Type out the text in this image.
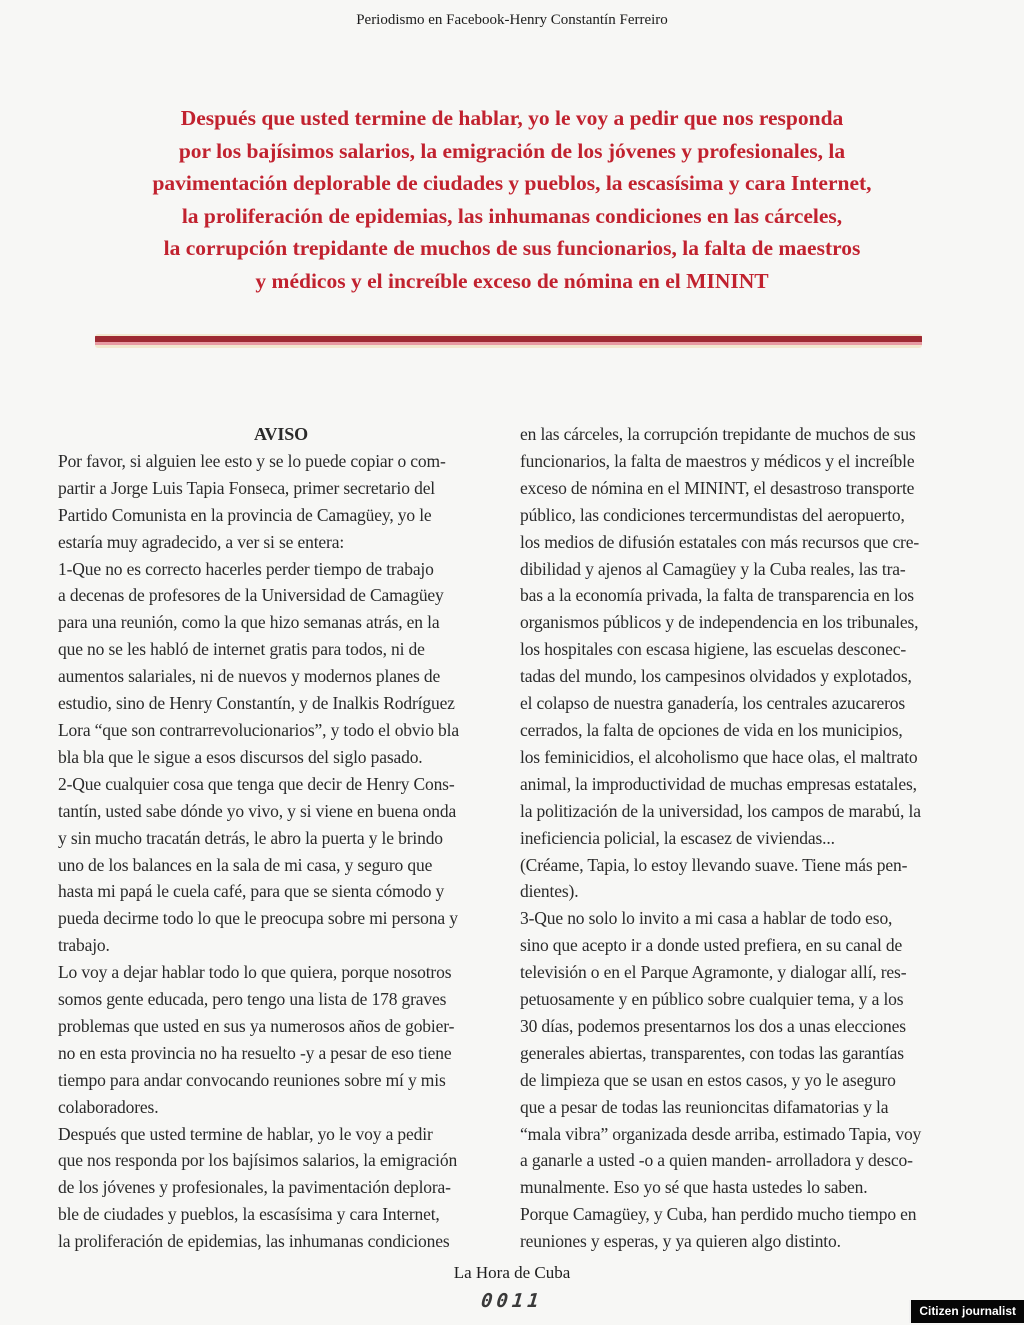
Periodismo en Facebook-Henry Constantín Ferreiro
Después que usted termine de hablar, yo le voy a pedir que nos responda
por los bajísimos salarios, la emigración de los jóvenes y profesionales, la
pavimentación deplorable de ciudades y pueblos, la escasísima y cara Internet,
la proliferación de epidemias, las inhumanas condiciones en las cárceles,
la corrupción trepidante de muchos de sus funcionarios, la falta de maestros
y médicos y el increíble exceso de nómina en el MININT
AVISO
Por favor, si alguien lee esto y se lo puede copiar o com-
partir a Jorge Luis Tapia Fonseca, primer secretario del
Partido Comunista en la provincia de Camagüey, yo le
estaría muy agradecido, a ver si se entera:
1-Que no es correcto hacerles perder tiempo de trabajo
a decenas de profesores de la Universidad de Camagüey
para una reunión, como la que hizo semanas atrás, en la
que no se les habló de internet gratis para todos, ni de
aumentos salariales, ni de nuevos y modernos planes de
estudio, sino de Henry Constantín, y de Inalkis Rodríguez
Lora “que son contrarrevolucionarios”, y todo el obvio bla
bla bla que le sigue a esos discursos del siglo pasado.
2-Que cualquier cosa que tenga que decir de Henry Cons-
tantín, usted sabe dónde yo vivo, y si viene en buena onda
y sin mucho tracatán detrás, le abro la puerta y le brindo
uno de los balances en la sala de mi casa, y seguro que
hasta mi papá le cuela café, para que se sienta cómodo y
pueda decirme todo lo que le preocupa sobre mi persona y
trabajo.
Lo voy a dejar hablar todo lo que quiera, porque nosotros
somos gente educada, pero tengo una lista de 178 graves
problemas que usted en sus ya numerosos años de gobier-
no en esta provincia no ha resuelto -y a pesar de eso tiene
tiempo para andar convocando reuniones sobre mí y mis
colaboradores.
Después que usted termine de hablar, yo le voy a pedir
que nos responda por los bajísimos salarios, la emigración
de los jóvenes y profesionales, la pavimentación deplora-
ble de ciudades y pueblos, la escasísima y cara Internet,
la proliferación de epidemias, las inhumanas condiciones
en las cárceles, la corrupción trepidante de muchos de sus
funcionarios, la falta de maestros y médicos y el increíble
exceso de nómina en el MININT, el desastroso transporte
público, las condiciones tercermundistas del aeropuerto,
los medios de difusión estatales con más recursos que cre-
dibilidad y ajenos al Camagüey y la Cuba reales, las tra-
bas a la economía privada, la falta de transparencia en los
organismos públicos y de independencia en los tribunales,
los hospitales con escasa higiene, las escuelas desconec-
tadas del mundo, los campesinos olvidados y explotados,
el colapso de nuestra ganadería, los centrales azucareros
cerrados, la falta de opciones de vida en los municipios,
los feminicidios, el alcoholismo que hace olas, el maltrato
animal, la improductividad de muchas empresas estatales,
la politización de la universidad, los campos de marabú, la
ineficiencia policial, la escasez de viviendas...
(Créame, Tapia, lo estoy llevando suave. Tiene más pen-
dientes).
3-Que no solo lo invito a mi casa a hablar de todo eso,
sino que acepto ir a donde usted prefiera, en su canal de
televisión o en el Parque Agramonte, y dialogar allí, res-
petuosamente y en público sobre cualquier tema, y a los
30 días, podemos presentarnos los dos a unas elecciones
generales abiertas, transparentes, con todas las garantías
de limpieza que se usan en estos casos, y yo le aseguro
que a pesar de todas las reunioncitas difamatorias y la
“mala vibra” organizada desde arriba, estimado Tapia, voy
a ganarle a usted -o a quien manden- arrolladora y desco-
munalmente. Eso yo sé que hasta ustedes lo saben.
Porque Camagüey, y Cuba, han perdido mucho tiempo en
reuniones y esperas, y ya quieren algo distinto.
La Hora de Cuba
0011	Citizen journalist
